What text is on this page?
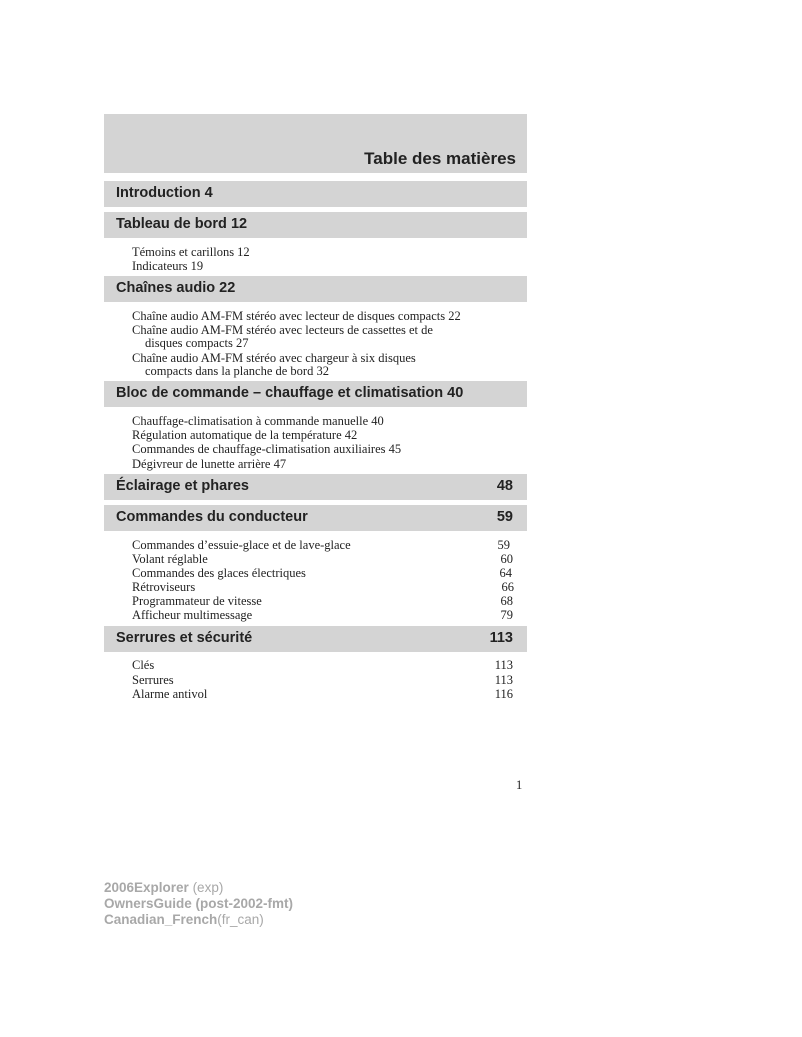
Table des matières
Introduction 4
Tableau de bord 12
Témoins et carillons 12
Indicateurs 19
Chaînes audio 22
Chaîne audio AM-FM stéréo avec lecteur de disques compacts 22
Chaîne audio AM-FM stéréo avec lecteurs de cassettes et de
disques compacts 27
Chaîne audio AM-FM stéréo avec chargeur à six disques
compacts dans la planche de bord 32
Bloc de commande – chauffage et climatisation 40
Chauffage-climatisation à commande manuelle 40
Régulation automatique de la température 42
Commandes de chauffage-climatisation auxiliaires 45
Dégivreur de lunette arrière 47
Éclairage et phares	48
Commandes du conducteur	59
Commandes d’essuie-glace et de lave-glace	59
Volant réglable	60
Commandes des glaces électriques	64
Rétroviseurs	66
Programmateur de vitesse	68
Afficheur multimessage	79
Serrures et sécurité	113
Clés	113
Serrures	113
Alarme antivol	116
1
2006Explorer (exp)
OwnersGuide (post-2002-fmt)
Canadian_French(fr_can)
